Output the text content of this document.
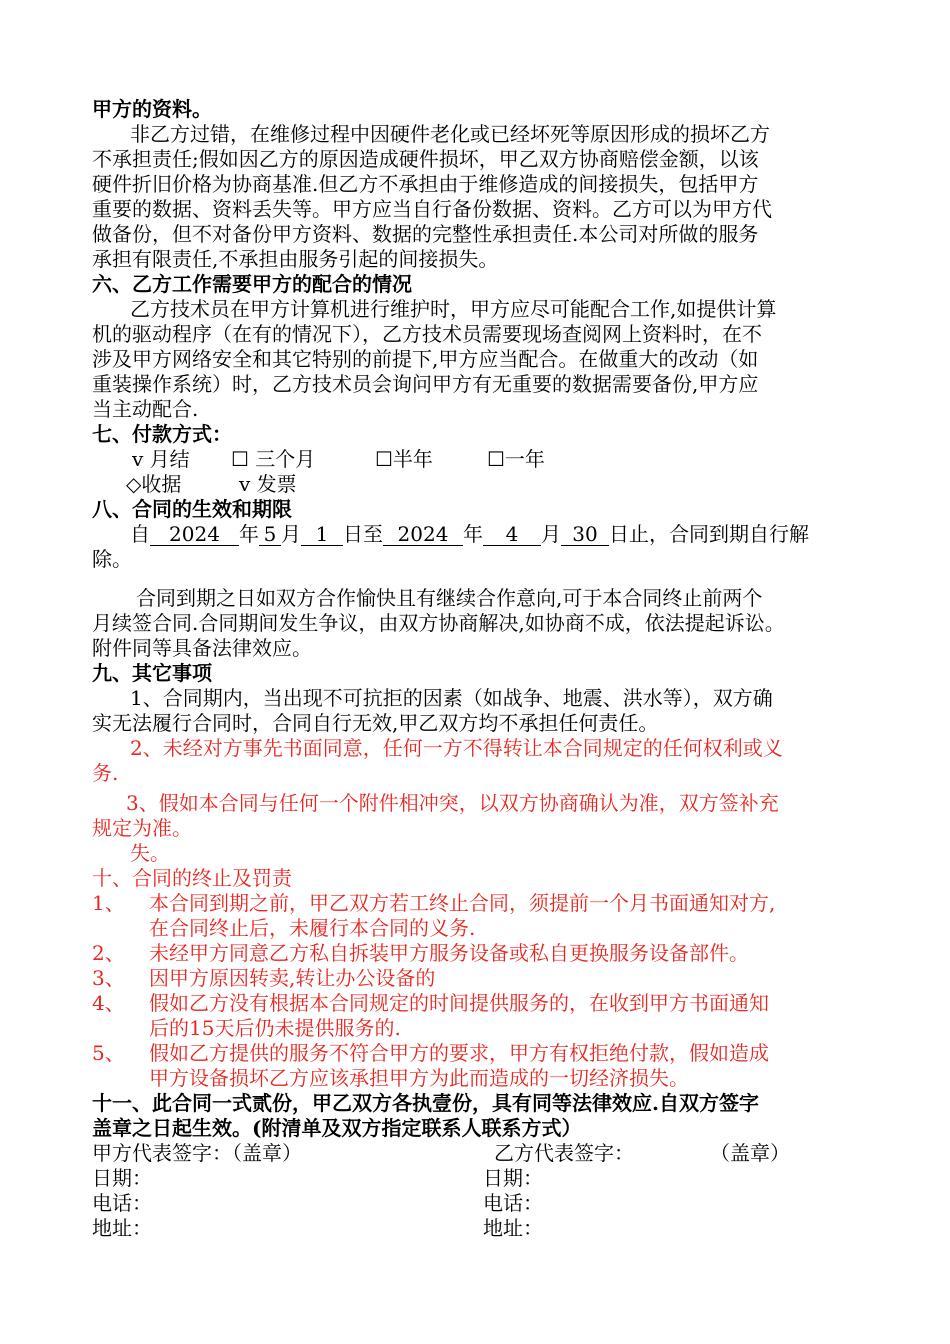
甲方的资料。
非乙方过错，在维修过程中因硬件老化或已经坏死等原因形成的损坏乙方
不承担责任;假如因乙方的原因造成硬件损坏，甲乙双方协商赔偿金额，以该
硬件折旧价格为协商基准.但乙方不承担由于维修造成的间接损失，包括甲方
重要的数据、资料丢失等。甲方应当自行备份数据、资料。乙方可以为甲方代
做备份，但不对备份甲方资料、数据的完整性承担责任.本公司对所做的服务
承担有限责任,不承担由服务引起的间接损失。
六、乙方工作需要甲方的配合的情况
乙方技术员在甲方计算机进行维护时，甲方应尽可能配合工作,如提供计算
机的驱动程序（在有的情况下），乙方技术员需要现场查阅网上资料时，在不
涉及甲方网络安全和其它特别的前提下,甲方应当配合。在做重大的改动（如
重装操作系统）时，乙方技术员会询问甲方有无重要的数据需要备份,甲方应
当主动配合.
七、付款方式：
v 月结 ☐ 三个月	☐半年	☐一年
◇收据	v 发票
八、合同的生效和期限
自 2024 年 5 月 1 日至 2024 年 4 月 30 日止，合同到期自行解
除。
合同到期之日如双方合作愉快且有继续合作意向,可于本合同终止前两个
月续签合同.合同期间发生争议，由双方协商解决,如协商不成，依法提起诉讼。
附件同等具备法律效应。
九、其它事项
1、合同期内，当出现不可抗拒的因素（如战争、地震、洪水等），双方确
实无法履行合同时，合同自行无效,甲乙双方均不承担任何责任。
2、未经对方事先书面同意，任何一方不得转让本合同规定的任何权利或义
务.
3、假如本合同与任何一个附件相冲突，以双方协商确认为准，双方签补充
规定为准。
失。
十、合同的终止及罚责
1、 本合同到期之前，甲乙双方若工终止合同，须提前一个月书面通知对方,
在合同终止后，未履行本合同的义务.
2、 未经甲方同意乙方私自拆装甲方服务设备或私自更换服务设备部件。
3、 因甲方原因转卖,转让办公设备的
4、 假如乙方没有根据本合同规定的时间提供服务的，在收到甲方书面通知
后的15天后仍未提供服务的.
5、 假如乙方提供的服务不符合甲方的要求，甲方有权拒绝付款，假如造成
甲方设备损坏乙方应该承担甲方为此而造成的一切经济损失。
十一、此合同一式贰份，甲乙双方各执壹份，具有同等法律效应.自双方签字
盖章之日起生效。(附清单及双方指定联系人联系方式）
甲方代表签字：（盖章）	乙方代表签字：	（盖章）
日期：	日期：
电话：	电话：
地址：	地址：
